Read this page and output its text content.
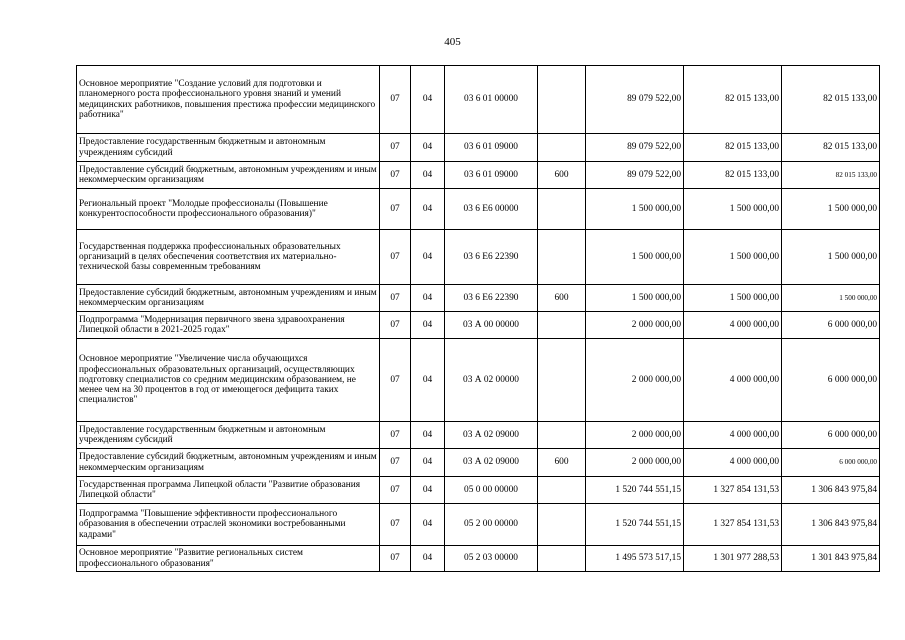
405
Основное мероприятие "Создание условий для подготовки и планомерного роста профессионального уровня знаний и умений медицинских работников, повышения престижа профессии медицинского работника"	07	04	03 6 01 00000		89 079 522,00	82 015 133,00	82 015 133,00
Предоставление государственным бюджетным и автономным учреждениям субсидий	07	04	03 6 01 09000		89 079 522,00	82 015 133,00	82 015 133,00
Предоставление субсидий бюджетным, автономным учреждениям и иным некоммерческим организациям	07	04	03 6 01 09000	600	89 079 522,00	82 015 133,00	82 015 133,00
Региональный проект "Молодые профессионалы (Повышение конкурентоспособности профессионального образования)"	07	04	03 6 Е6 00000		1 500 000,00	1 500 000,00	1 500 000,00
Государственная поддержка профессиональных образовательных организаций в целях обеспечения соответствия их материально-технической базы современным требованиям	07	04	03 6 Е6 22390		1 500 000,00	1 500 000,00	1 500 000,00
Предоставление субсидий бюджетным, автономным учреждениям и иным некоммерческим организациям	07	04	03 6 Е6 22390	600	1 500 000,00	1 500 000,00	1 500 000,00
Подпрограмма "Модернизация первичного звена здравоохранения Липецкой области в 2021-2025 годах"	07	04	03 А 00 00000		2 000 000,00	4 000 000,00	6 000 000,00
Основное мероприятие "Увеличение числа обучающихся профессиональных образовательных организаций, осуществляющих подготовку специалистов со средним медицинским образованием, не менее чем на 30 процентов в год от имеющегося дефицита таких специалистов"	07	04	03 А 02 00000		2 000 000,00	4 000 000,00	6 000 000,00
Предоставление государственным бюджетным и автономным учреждениям субсидий	07	04	03 А 02 09000		2 000 000,00	4 000 000,00	6 000 000,00
Предоставление субсидий бюджетным, автономным учреждениям и иным некоммерческим организациям	07	04	03 А 02 09000	600	2 000 000,00	4 000 000,00	6 000 000,00
Государственная программа Липецкой области "Развитие образования Липецкой области"	07	04	05 0 00 00000		1 520 744 551,15	1 327 854 131,53	1 306 843 975,84
Подпрограмма "Повышение эффективности профессионального образования в обеспечении отраслей экономики востребованными кадрами"	07	04	05 2 00 00000		1 520 744 551,15	1 327 854 131,53	1 306 843 975,84
Основное мероприятие "Развитие региональных систем профессионального образования"	07	04	05 2 03 00000		1 495 573 517,15	1 301 977 288,53	1 301 843 975,84
